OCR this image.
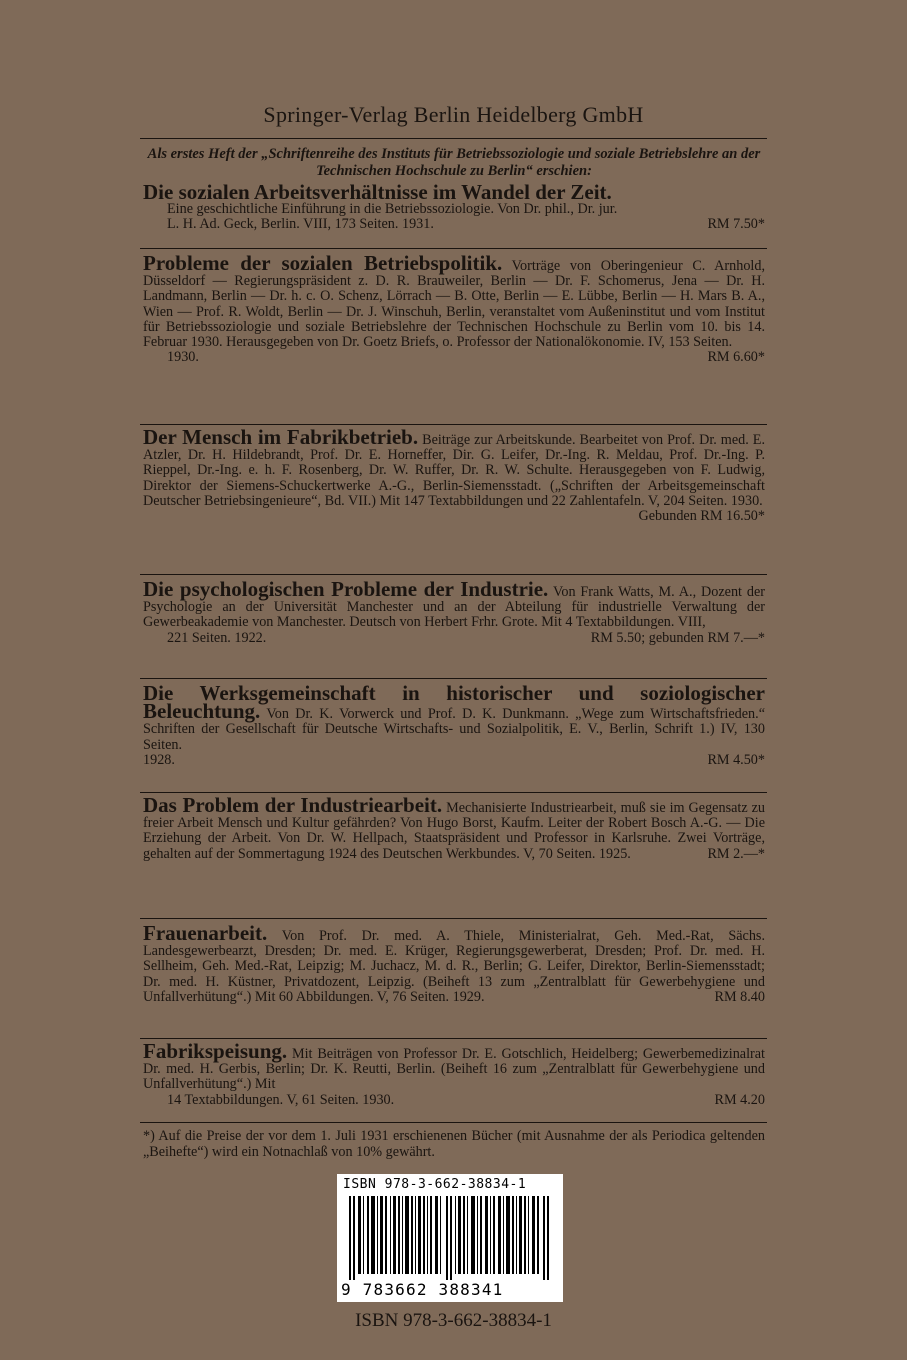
Springer-Verlag Berlin Heidelberg GmbH
Als erstes Heft der „Schriftenreihe des Instituts für Betriebssoziologie und soziale Betriebslehre an der Technischen Hochschule zu Berlin“ erschien:
Die sozialen Arbeitsverhältnisse im Wandel der Zeit.
Eine geschichtliche Einführung in die Betriebssoziologie. Von Dr. phil., Dr. jur.
L. H. Ad. Geck, Berlin. VIII, 173 Seiten. 1931.	RM 7.50*
Probleme der sozialen Betriebspolitik. Vorträge von Oberingenieur C. Arnhold, Düsseldorf — Regierungspräsident z. D. R. Brauweiler, Berlin — Dr. F. Schomerus, Jena — Dr. H. Landmann, Berlin — Dr. h. c. O. Schenz, Lörrach — B. Otte, Berlin — E. Lübbe, Berlin — H. Mars B. A., Wien — Prof. R. Woldt, Berlin — Dr. J. Winschuh, Berlin, veranstaltet vom Außeninstitut und vom Institut für Betriebssoziologie und soziale Betriebslehre der Technischen Hochschule zu Berlin vom 10. bis 14. Februar 1930. Herausgegeben von Dr. Goetz Briefs, o. Professor der Nationalökonomie. IV, 153 Seiten.
1930.	RM 6.60*
Der Mensch im Fabrikbetrieb. Beiträge zur Arbeitskunde. Bearbeitet von Prof. Dr. med. E. Atzler, Dr. H. Hildebrandt, Prof. Dr. E. Horneffer, Dir. G. Leifer, Dr.-Ing. R. Meldau, Prof. Dr.-Ing. P. Rieppel, Dr.-Ing. e. h. F. Rosenberg, Dr. W. Ruffer, Dr. R. W. Schulte. Herausgegeben von F. Ludwig, Direktor der Siemens-Schuckertwerke A.-G., Berlin-Siemensstadt. („Schriften der Arbeitsgemeinschaft Deutscher Betriebsingenieure“, Bd. VII.) Mit 147 Textabbildungen und 22 Zahlentafeln. V, 204 Seiten. 1930.
Gebunden RM 16.50*
Die psychologischen Probleme der Industrie. Von Frank Watts, M. A., Dozent der Psychologie an der Universität Manchester und an der Abteilung für industrielle Verwaltung der Gewerbeakademie von Manchester. Deutsch von Herbert Frhr. Grote. Mit 4 Textabbildungen. VIII,
221 Seiten. 1922.	RM 5.50; gebunden RM 7.—*
Die Werksgemeinschaft in historischer und soziologischer Beleuchtung. Von Dr. K. Vorwerck und Prof. D. K. Dunkmann. „Wege zum Wirtschaftsfrieden.“ Schriften der Gesellschaft für Deutsche Wirtschafts- und Sozialpolitik, E. V., Berlin, Schrift 1.) IV, 130 Seiten.
1928.	RM 4.50*
Das Problem der Industriearbeit. Mechanisierte Industriearbeit, muß sie im Gegensatz zu freier Arbeit Mensch und Kultur gefährden? Von Hugo Borst, Kaufm. Leiter der Robert Bosch A.-G. — Die Erziehung der Arbeit. Von Dr. W. Hellpach, Staatspräsident und Professor in Karlsruhe. Zwei Vorträge, gehalten auf der Sommertagung 1924 des Deutschen Werkbundes. V, 70 Seiten. 1925.	RM 2.—*
Frauenarbeit. Von Prof. Dr. med. A. Thiele, Ministerialrat, Geh. Med.-Rat, Sächs. Landesgewerbearzt, Dresden; Dr. med. E. Krüger, Regierungsgewerberat, Dresden; Prof. Dr. med. H. Sellheim, Geh. Med.-Rat, Leipzig; M. Juchacz, M. d. R., Berlin; G. Leifer, Direktor, Berlin-Siemensstadt; Dr. med. H. Küstner, Privatdozent, Leipzig. (Beiheft 13 zum „Zentralblatt für Gewerbehygiene und Unfallverhütung“.) Mit 60 Abbildungen. V, 76 Seiten. 1929.	RM 8.40
Fabrikspeisung. Mit Beiträgen von Professor Dr. E. Gotschlich, Heidelberg; Gewerbemedizinalrat Dr. med. H. Gerbis, Berlin; Dr. K. Reutti, Berlin. (Beiheft 16 zum „Zentralblatt für Gewerbehygiene und Unfallverhütung“.) Mit
14 Textabbildungen. V, 61 Seiten. 1930.	RM 4.20
*) Auf die Preise der vor dem 1. Juli 1931 erschienenen Bücher (mit Ausnahme der als Periodica geltenden „Beihefte“) wird ein Notnachlaß von 10% gewährt.
ISBN 978-3-662-38834-1
9 783662 388341
ISBN 978-3-662-38834-1
